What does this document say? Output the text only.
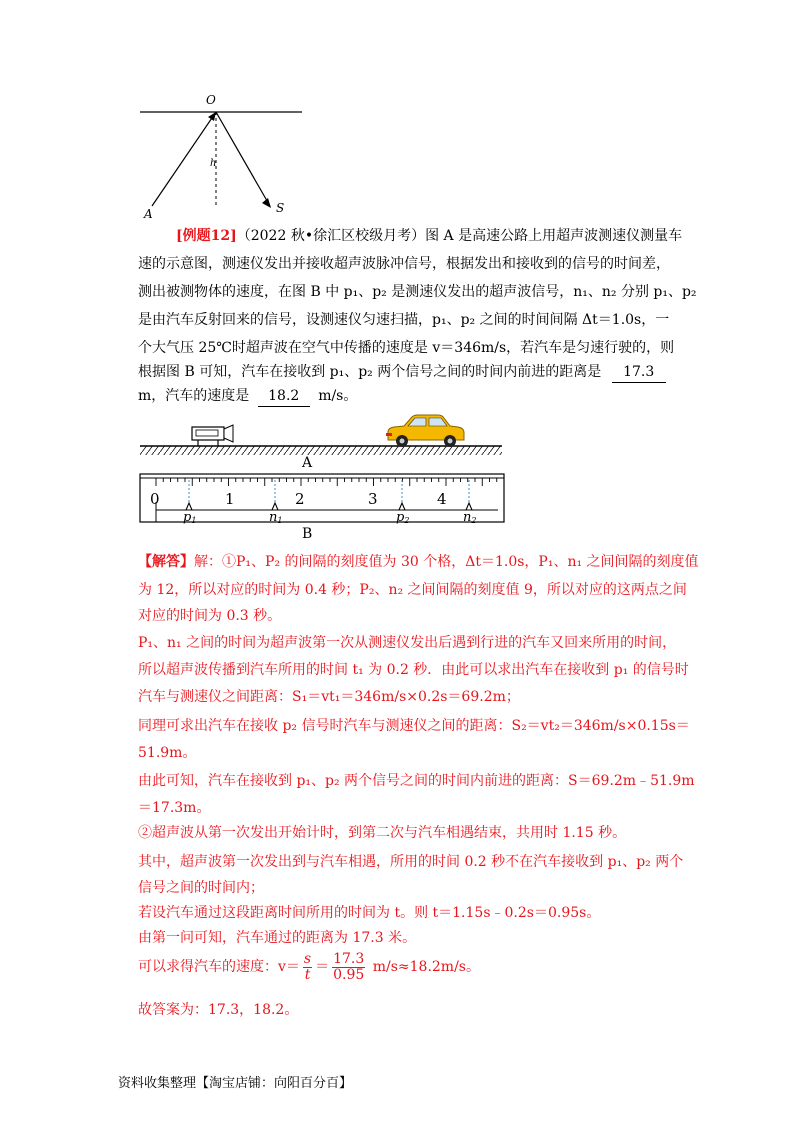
O
h
A	S
[例题12]（2022 秋•徐汇区校级月考）图 A 是高速公路上用超声波测速仪测量车
速的示意图，测速仪发出并接收超声波脉冲信号，根据发出和接收到的信号的时间差，
测出被测物体的速度，在图 B 中 p₁、p₂ 是测速仪发出的超声波信号，n₁、n₂ 分别 p₁、p₂
是由汽车反射回来的信号，设测速仪匀速扫描，p₁、p₂ 之间的时间间隔 Δt＝1.0s，一
个大气压 25℃时超声波在空气中传播的速度是 v＝346m/s，若汽车是匀速行驶的，则
根据图 B 可知，汽车在接收到 p₁、p₂ 两个信号之间的时间内前进的距离是 17.3
m，汽车的速度是 18.2 m/s。
A
0	1	2	3	4
p1	n1	p2	n2
B
【解答】解：①P₁、P₂ 的间隔的刻度值为 30 个格，Δt＝1.0s，P₁、n₁ 之间间隔的刻度值
为 12，所以对应的时间为 0.4 秒；P₂、n₂ 之间间隔的刻度值 9，所以对应的这两点之间
对应的时间为 0.3 秒。
P₁、n₁ 之间的时间为超声波第一次从测速仪发出后遇到行进的汽车又回来所用的时间，
所以超声波传播到汽车所用的时间 t₁ 为 0.2 秒．由此可以求出汽车在接收到 p₁ 的信号时
汽车与测速仪之间距离：S₁＝vt₁＝346m/s×0.2s＝69.2m；
同理可求出汽车在接收 p₂ 信号时汽车与测速仪之间的距离：S₂＝vt₂＝346m/s×0.15s＝
51.9m。
由此可知，汽车在接收到 p₁、p₂ 两个信号之间的时间内前进的距离：S＝69.2m﹣51.9m
＝17.3m。
②超声波从第一次发出开始计时，到第二次与汽车相遇结束，共用时 1.15 秒。
其中，超声波第一次发出到与汽车相遇，所用的时间 0.2 秒不在汽车接收到 p₁、p₂ 两个
信号之间的时间内；
若设汽车通过这段距离时间所用的时间为 t。则 t＝1.15s﹣0.2s＝0.95s。
由第一问可知，汽车通过的距离为 17.3 米。
可以求得汽车的速度：$v= \frac{s}{t} = \frac{17.3}{0.95} m/s\approx 18.2m/s$。
故答案为：17.3，18.2。
资料收集整理【淘宝店铺：向阳百分百】
